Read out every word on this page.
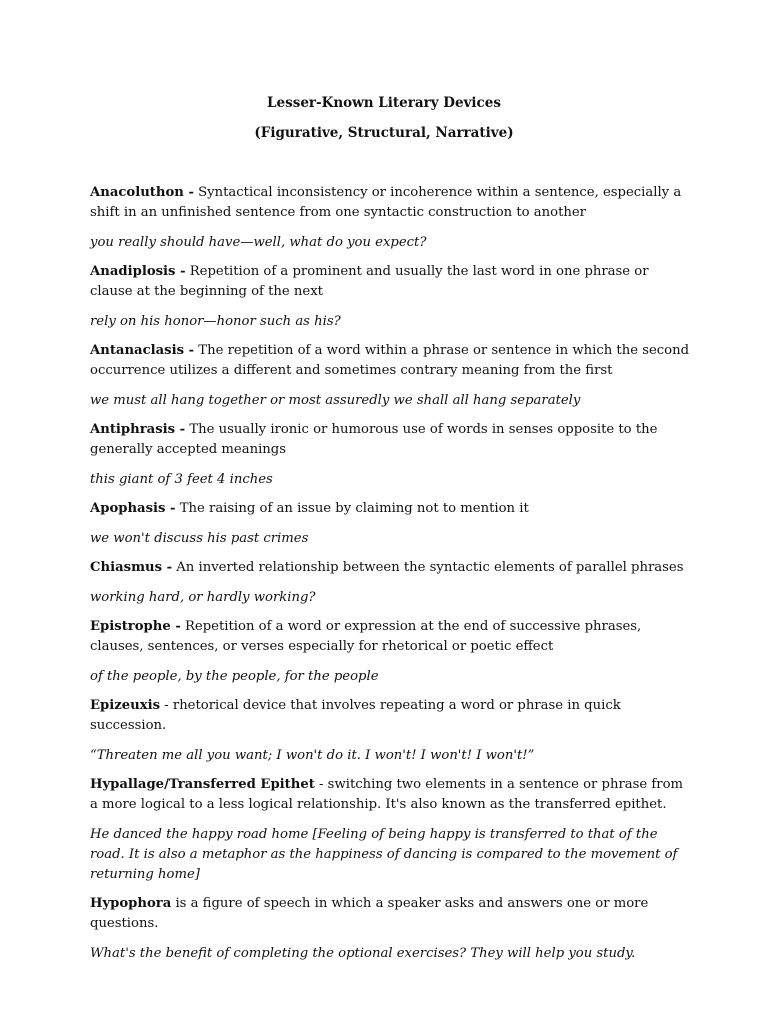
Lesser-Known Literary Devices

(Figurative, Structural, Narrative)

Anacoluthon - Syntactical inconsistency or incoherence within a sentence, especially a shift in an unfinished sentence from one syntactic construction to another

you really should have—well, what do you expect?

Anadiplosis - Repetition of a prominent and usually the last word in one phrase or clause at the beginning of the next

rely on his honor—honor such as his?

Antanaclasis - The repetition of a word within a phrase or sentence in which the second occurrence utilizes a different and sometimes contrary meaning from the first

we must all hang together or most assuredly we shall all hang separately

Antiphrasis - The usually ironic or humorous use of words in senses opposite to the generally accepted meanings

this giant of 3 feet 4 inches

Apophasis - The raising of an issue by claiming not to mention it

we won't discuss his past crimes

Chiasmus - An inverted relationship between the syntactic elements of parallel phrases

working hard, or hardly working?

Epistrophe - Repetition of a word or expression at the end of successive phrases, clauses, sentences, or verses especially for rhetorical or poetic effect

of the people, by the people, for the people

Epizeuxis - rhetorical device that involves repeating a word or phrase in quick succession.

“Threaten me all you want; I won't do it. I won't! I won't! I won't!”

Hypallage/Transferred Epithet - switching two elements in a sentence or phrase from a more logical to a less logical relationship. It's also known as the transferred epithet.

He danced the happy road home [Feeling of being happy is transferred to that of the road. It is also a metaphor as the happiness of dancing is compared to the movement of returning home]

Hypophora is a figure of speech in which a speaker asks and answers one or more questions.

What's the benefit of completing the optional exercises? They will help you study.
